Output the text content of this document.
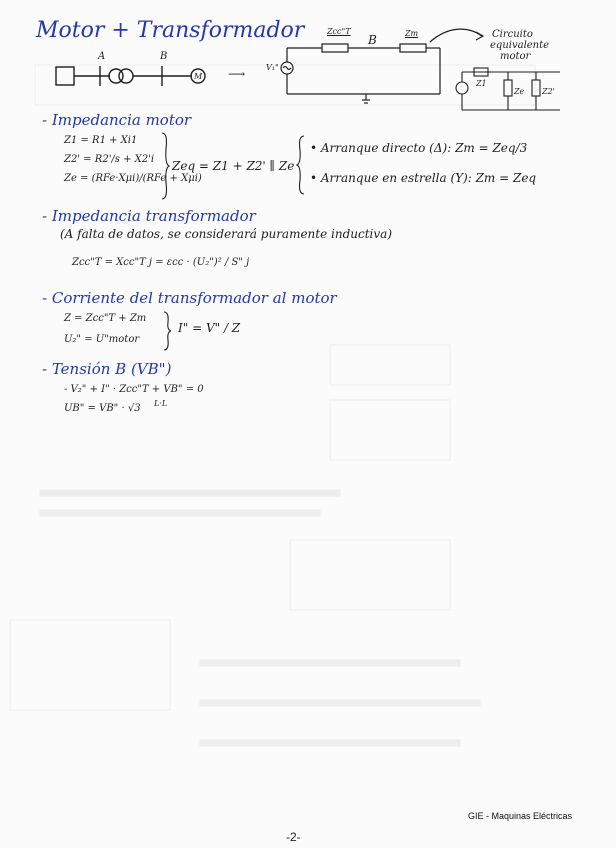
Motor + Transformador
A	B
M ⟶
Zcc"T
B	Zm
V₁"
Circuito
equivalente
motor
Z1
Ze Z2'
- Impedancia motor
Z1 = R1 + Xi1
Z2' = R2'/s + X2'i
Ze = (RFe·Xμi)/(RFe + Xμi)
Zeq = Z1 + Z2' ∥ Ze
• Arranque directo (Δ): Zm = Zeq/3
• Arranque en estrella (Y): Zm = Zeq
- Impedancia transformador
(A falta de datos, se considerará puramente inductiva)
Zcc"T = Xcc"T j = εcc · (U₂")² / S" j
- Corriente del transformador al motor
Z = Zcc"T + Zm
U₂" = U"motor
I" = V" / Z
- Tensión B (VB")
- V₂" + I" · Zcc"T + VB" = 0
UB" = VB" · √3 L·L
GIE - Maquinas Eléctricas
-2-
